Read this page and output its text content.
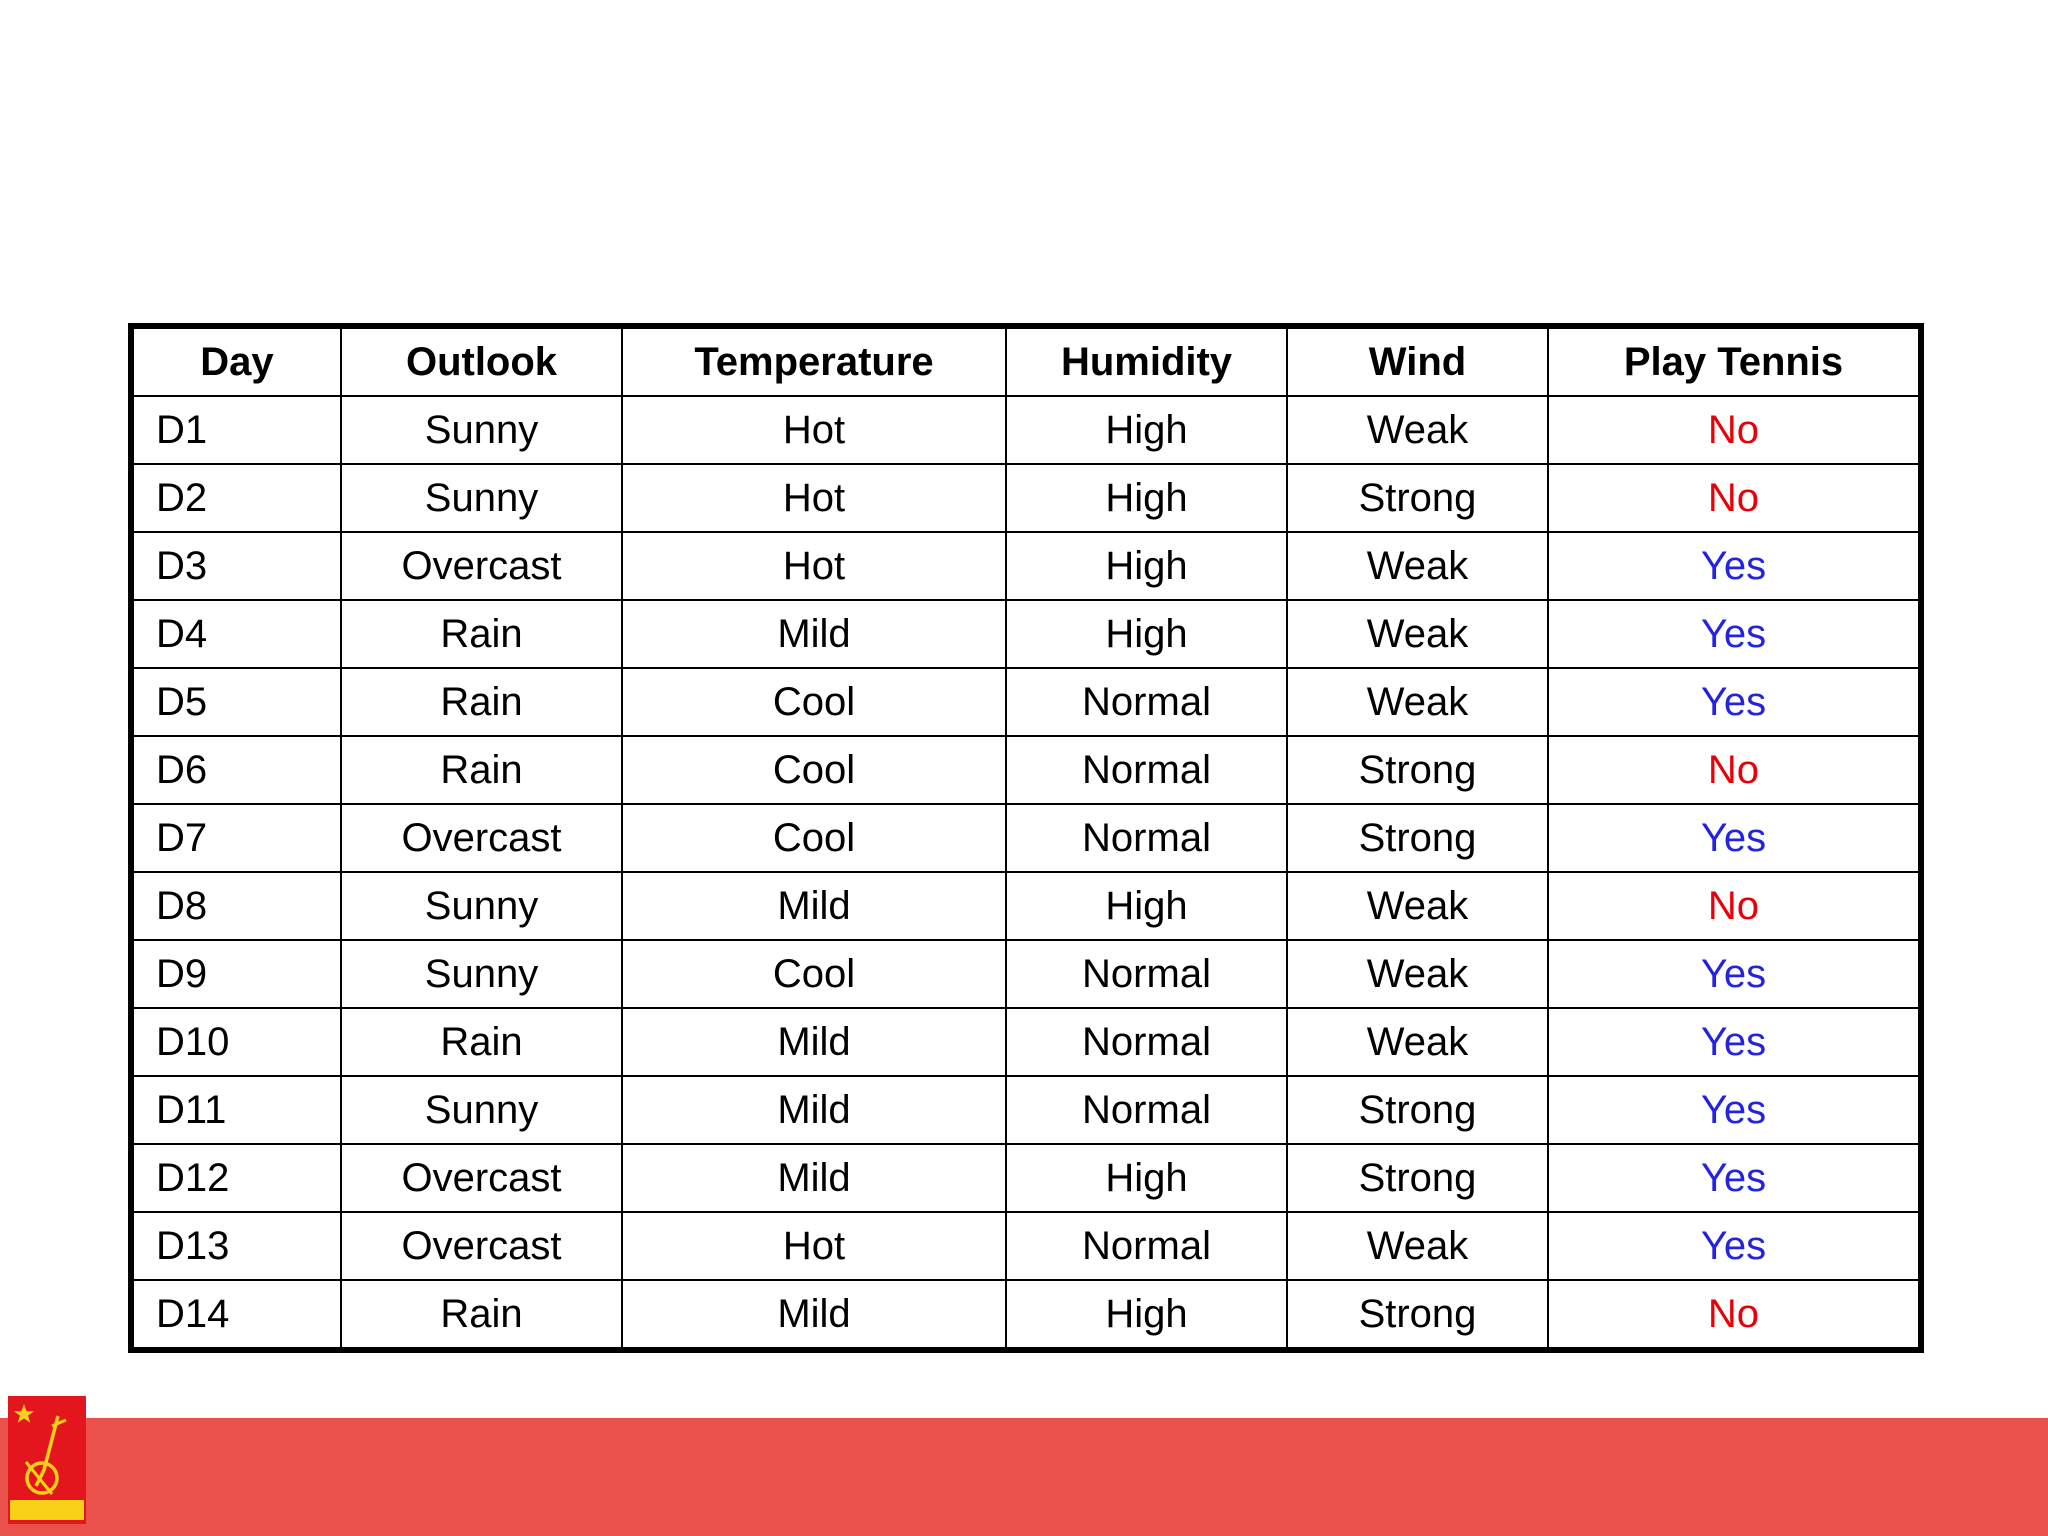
Day	Outlook	Temperature	Humidity	Wind	Play Tennis
D1	Sunny	Hot	High	Weak	No
D2	Sunny	Hot	High	Strong	No
D3	Overcast	Hot	High	Weak	Yes
D4	Rain	Mild	High	Weak	Yes
D5	Rain	Cool	Normal	Weak	Yes
D6	Rain	Cool	Normal	Strong	No
D7	Overcast	Cool	Normal	Strong	Yes
D8	Sunny	Mild	High	Weak	No
D9	Sunny	Cool	Normal	Weak	Yes
D10	Rain	Mild	Normal	Weak	Yes
D11	Sunny	Mild	Normal	Strong	Yes
D12	Overcast	Mild	High	Strong	Yes
D13	Overcast	Hot	Normal	Weak	Yes
D14	Rain	Mild	High	Strong	No
